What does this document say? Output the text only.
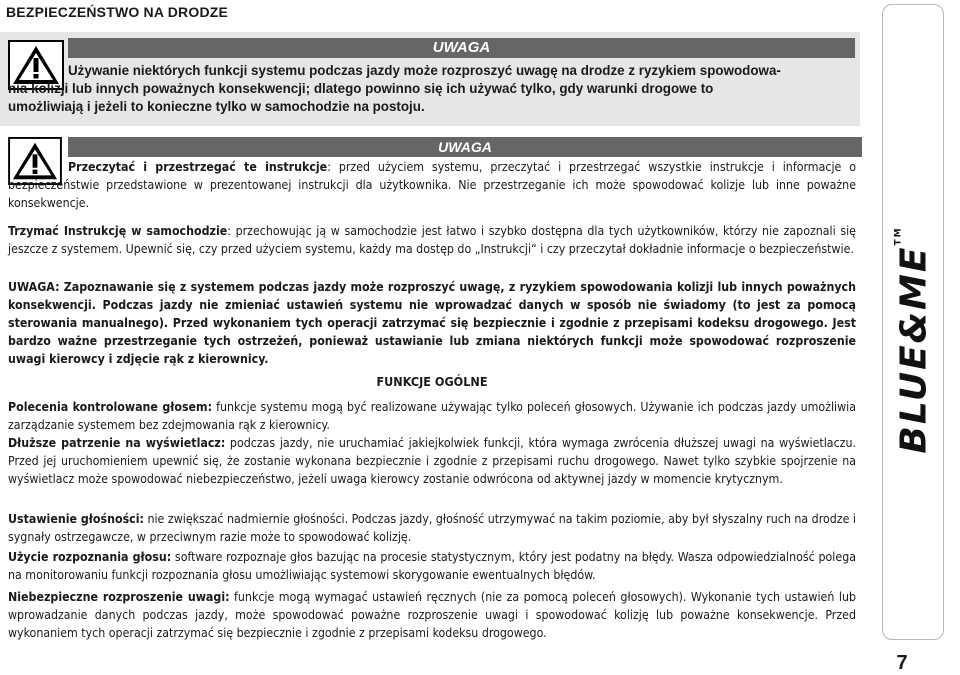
BEZPIECZEŃSTWO NA DRODZE
UWAGA
Używanie niektórych funkcji systemu podczas jazdy może rozproszyć uwagę na drodze z ryzykiem spowodowa-
nia kolizji lub innych poważnych konsekwencji; dlatego powinno się ich używać tylko, gdy warunki drogowe to
umożliwiają i jeżeli to konieczne tylko w samochodzie na postoju.
UWAGA
Przeczytać i przestrzegać te instrukcje: przed użyciem systemu, przeczytać i przestrzegać wszystkie instrukcje i informacje o bezpieczeństwie przedstawione w prezentowanej instrukcji dla użytkownika. Nie przestrzeganie ich może spowodować kolizje lub inne poważne konsekwencje.
Trzymać Instrukcję w samochodzie: przechowując ją w samochodzie jest łatwo i szybko dostępna dla tych użytkowników, którzy nie zapoznali się jeszcze z systemem. Upewnić się, czy przed użyciem systemu, każdy ma dostęp do „Instrukcji“ i czy przeczytał dokładnie informacje o bezpieczeństwie.
UWAGA: Zapoznawanie się z systemem podczas jazdy może rozproszyć uwagę, z ryzykiem spowodowania kolizji lub innych poważnych konsekwencji. Podczas jazdy nie zmieniać ustawień systemu nie wprowadzać danych w sposób nie świadomy (to jest za pomocą sterowania manualnego). Przed wykonaniem tych operacji zatrzymać się bezpiecznie i zgodnie z przepisami kodeksu drogowego. Jest bardzo ważne przestrzeganie tych ostrzeżeń, ponieważ ustawianie lub zmiana niektórych funkcji może spowodować rozproszenie uwagi kierowcy i zdjęcie rąk z kierownicy.
FUNKCJE OGÓLNE
Polecenia kontrolowane głosem: funkcje systemu mogą być realizowane używając tylko poleceń głosowych. Używanie ich podczas jazdy umożliwia zarządzanie systemem bez zdejmowania rąk z kierownicy.
Dłuższe patrzenie na wyświetlacz: podczas jazdy, nie uruchamiać jakiejkolwiek funkcji, która wymaga zwrócenia dłuższej uwagi na wyświetlaczu. Przed jej uruchomieniem upewnić się, że zostanie wykonana bezpiecznie i zgodnie z przepisami ruchu drogowego. Nawet tylko szybkie spojrzenie na wyświetlacz może spowodować niebezpieczeństwo, jeżeli uwaga kierowcy zostanie odwrócona od aktywnej jazdy w momencie krytycznym.
Ustawienie głośności: nie zwiększać nadmiernie głośności. Podczas jazdy, głośność utrzymywać na takim poziomie, aby był słyszalny ruch na drodze i sygnały ostrzegawcze, w przeciwnym razie może to spowodować kolizję.
Użycie rozpoznania głosu: software rozpoznaje głos bazując na procesie statystycznym, który jest podatny na błędy. Wasza odpowiedzialność polega na monitorowaniu funkcji rozpoznania głosu umożliwiając systemowi skorygowanie ewentualnych błędów.
Niebezpieczne rozproszenie uwagi: funkcje mogą wymagać ustawień ręcznych (nie za pomocą poleceń głosowych). Wykonanie tych ustawień lub wprowadzanie danych podczas jazdy, może spowodować poważne rozproszenie uwagi i spowodować kolizję lub poważne konsekwencje. Przed wykonaniem tych operacji zatrzymać się bezpiecznie i zgodnie z przepisami kodeksu drogowego.
BLUE&ME™
7
